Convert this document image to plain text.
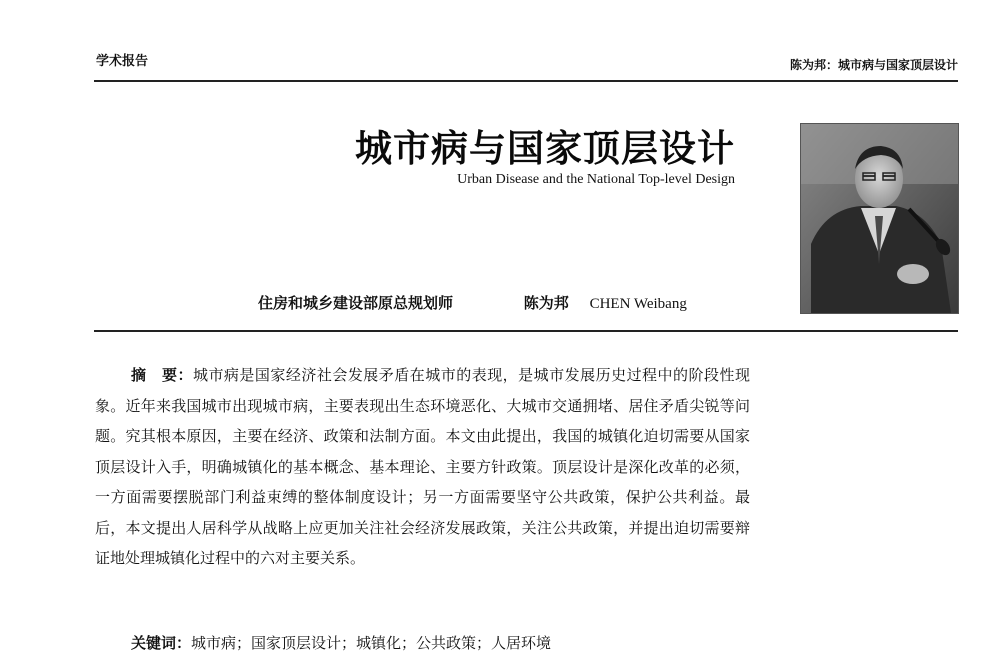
学术报告	陈为邦：城市病与国家顶层设计
城市病与国家顶层设计
Urban Disease and the National Top-level Design
住房和城乡建设部原总规划师	陈为邦 CHEN Weibang
摘　要：城市病是国家经济社会发展矛盾在城市的表现，是城市发展历史过程中的阶段性现象。近年来我国城市出现城市病，主要表现出生态环境恶化、大城市交通拥堵、居住矛盾尖锐等问题。究其根本原因，主要在经济、政策和法制方面。本文由此提出，我国的城镇化迫切需要从国家顶层设计入手，明确城镇化的基本概念、基本理论、主要方针政策。顶层设计是深化改革的必须，一方面需要摆脱部门利益束缚的整体制度设计；另一方面需要坚守公共政策，保护公共利益。最后，本文提出人居科学从战略上应更加关注社会经济发展政策，关注公共政策，并提出迫切需要辩证地处理城镇化过程中的六对主要关系。
关键词：城市病；国家顶层设计；城镇化；公共政策；人居环境
